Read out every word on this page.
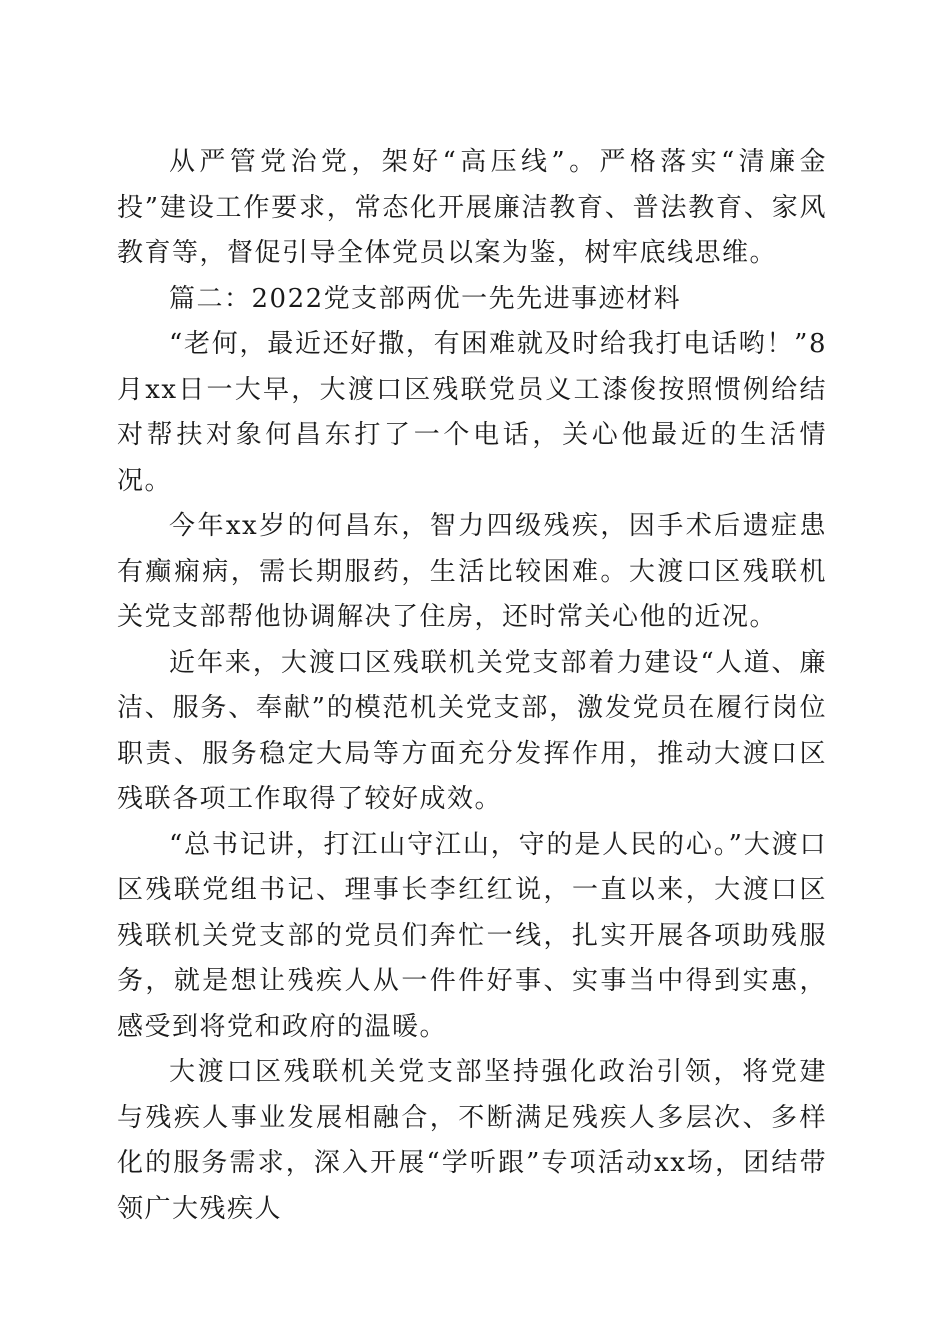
从严管党治党，架好“高压线”。严格落实“清廉金投”建设工作要求，常态化开展廉洁教育、普法教育、家风教育等，督促引导全体党员以案为鉴，树牢底线思维。

篇二：2022党支部两优一先先进事迹材料

“老何，最近还好撒，有困难就及时给我打电话哟！”8月xx日一大早，大渡口区残联党员义工漆俊按照惯例给结对帮扶对象何昌东打了一个电话，关心他最近的生活情况。

今年xx岁的何昌东，智力四级残疾，因手术后遗症患有癫痫病，需长期服药，生活比较困难。大渡口区残联机关党支部帮他协调解决了住房，还时常关心他的近况。

近年来，大渡口区残联机关党支部着力建设“人道、廉洁、服务、奉献”的模范机关党支部，激发党员在履行岗位职责、服务稳定大局等方面充分发挥作用，推动大渡口区残联各项工作取得了较好成效。

“总书记讲，打江山守江山，守的是人民的心。”大渡口区残联党组书记、理事长李红红说，一直以来，大渡口区残联机关党支部的党员们奔忙一线，扎实开展各项助残服务，就是想让残疾人从一件件好事、实事当中得到实惠，感受到将党和政府的温暖。

大渡口区残联机关党支部坚持强化政治引领，将党建与残疾人事业发展相融合，不断满足残疾人多层次、多样化的服务需求，深入开展“学听跟”专项活动xx场，团结带领广大残疾人
